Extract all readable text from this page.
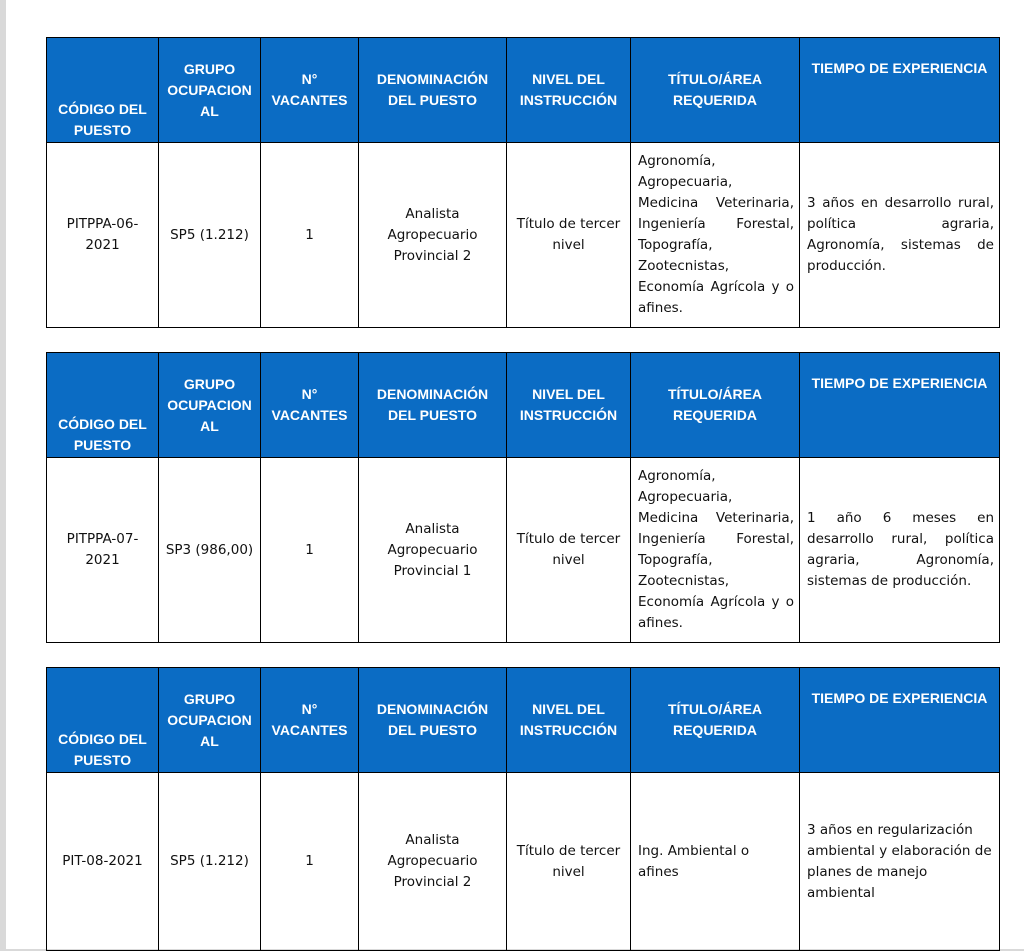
CÓDIGO DEL PUESTO	GRUPO OCUPACION AL	N° VACANTES	DENOMINACIÓN DEL PUESTO	NIVEL DEL INSTRUCCIÓN	TÍTULO/ÁREA REQUERIDA	TIEMPO DE EXPERIENCIA
PITPPA-06-2021	SP5 (1.212)	1	Analista Agropecuario Provincial 2	Título de tercer nivel	Agronomía, Agropecuaria, Medicina Veterinaria, Ingeniería Forestal, Topografía, Zootecnistas, Economía Agrícola y o afines.	3 años en desarrollo rural, política agraria, Agronomía, sistemas de producción.
CÓDIGO DEL PUESTO	GRUPO OCUPACION AL	N° VACANTES	DENOMINACIÓN DEL PUESTO	NIVEL DEL INSTRUCCIÓN	TÍTULO/ÁREA REQUERIDA	TIEMPO DE EXPERIENCIA
PITPPA-07-2021	SP3 (986,00)	1	Analista Agropecuario Provincial 1	Título de tercer nivel	Agronomía, Agropecuaria, Medicina Veterinaria, Ingeniería Forestal, Topografía, Zootecnistas, Economía Agrícola y o afines.	1 año 6 meses en desarrollo rural, política agraria, Agronomía, sistemas de producción.
CÓDIGO DEL PUESTO	GRUPO OCUPACION AL	N° VACANTES	DENOMINACIÓN DEL PUESTO	NIVEL DEL INSTRUCCIÓN	TÍTULO/ÁREA REQUERIDA	TIEMPO DE EXPERIENCIA
PIT-08-2021	SP5 (1.212)	1	Analista Agropecuario Provincial 2	Título de tercer nivel	Ing. Ambiental o afines	3 años en regularización ambiental y elaboración de planes de manejo ambiental
